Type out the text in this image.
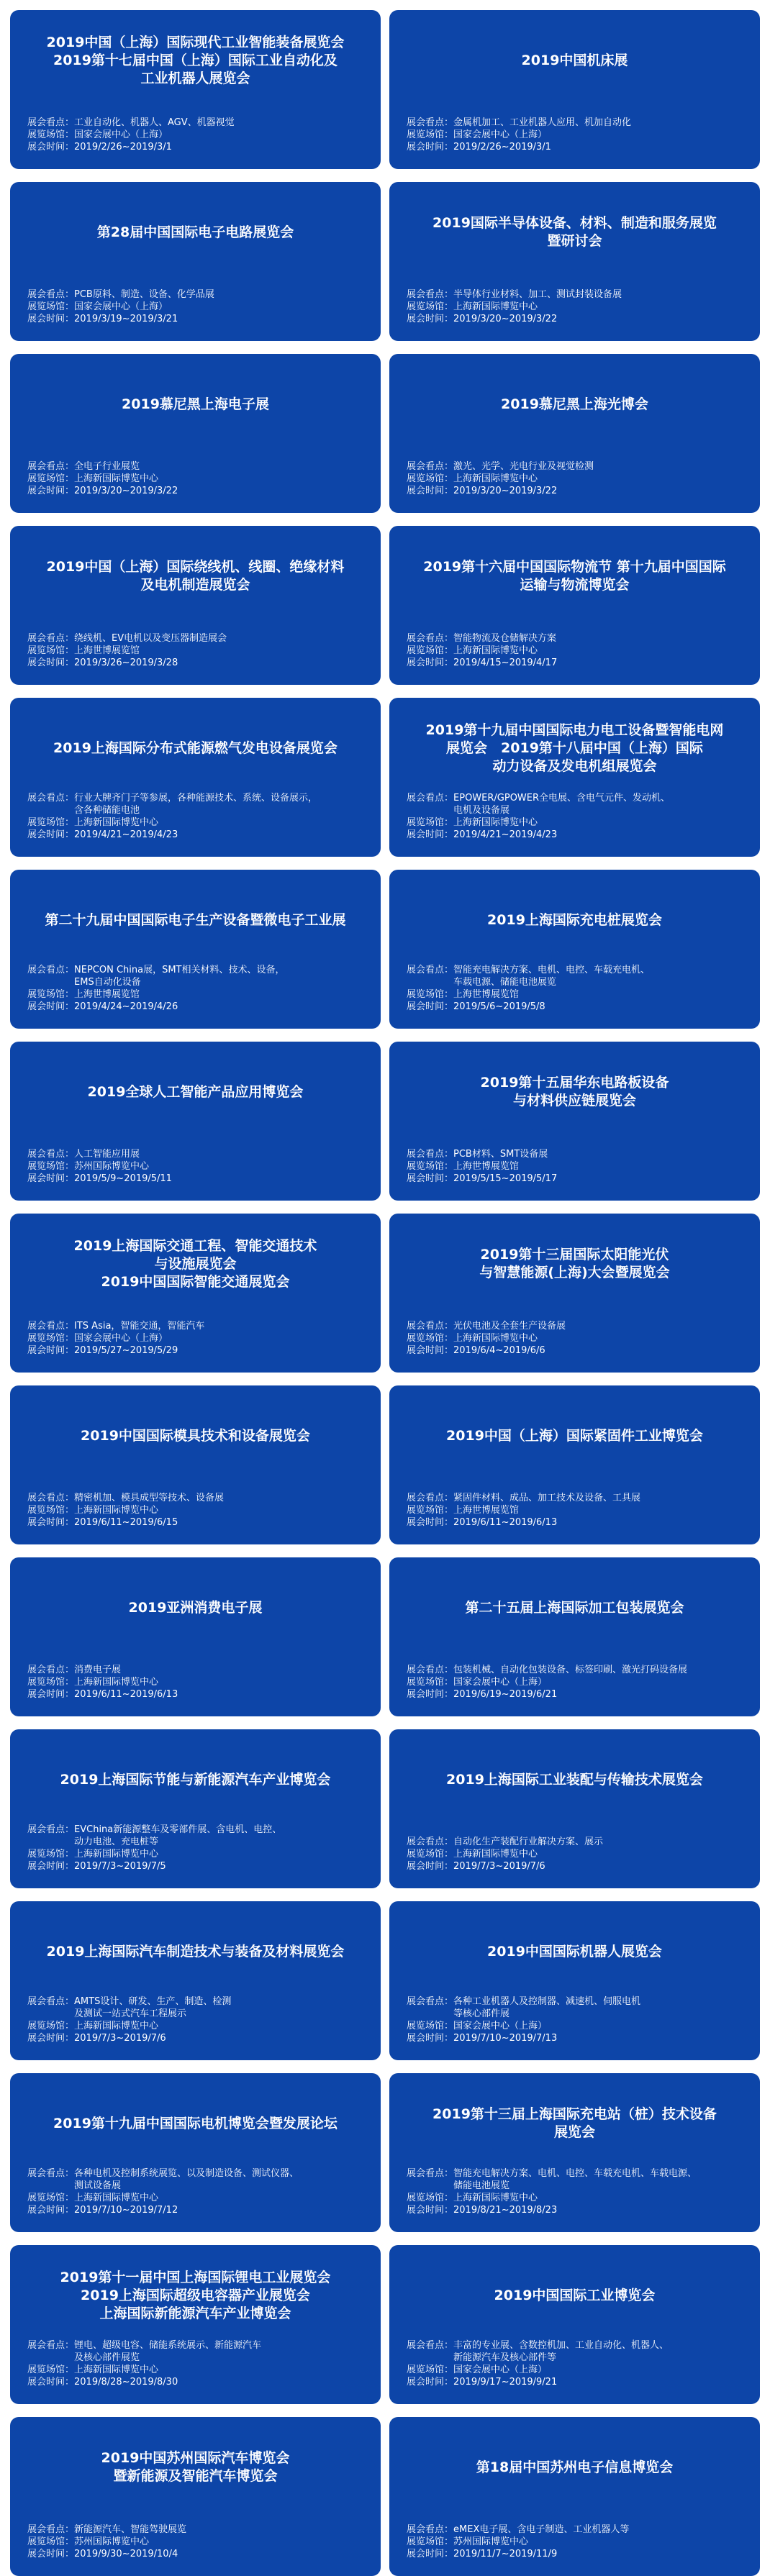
2019中国（上海）国际现代工业智能装备展览会
2019第十七届中国（上海）国际工业自动化及
工业机器人展览会
展会看点： 工业自动化、机器人、AGV、机器视觉
展览场馆： 国家会展中心（上海）
展会时间： 2019/2/26~2019/3/1
2019中国机床展
展会看点： 金属机加工、工业机器人应用、机加自动化
展览场馆： 国家会展中心（上海）
展会时间： 2019/2/26~2019/3/1
第28届中国国际电子电路展览会
展会看点： PCB原料、制造、设备、化学品展
展览场馆： 国家会展中心（上海）
展会时间： 2019/3/19~2019/3/21
2019国际半导体设备、材料、制造和服务展览
暨研讨会
展会看点： 半导体行业材料、加工、测试封装设备展
展览场馆： 上海新国际博览中心
展会时间： 2019/3/20~2019/3/22
2019慕尼黑上海电子展
展会看点： 全电子行业展览
展览场馆： 上海新国际博览中心
展会时间： 2019/3/20~2019/3/22
2019慕尼黑上海光博会
展会看点： 激光、光学、光电行业及视觉检测
展览场馆： 上海新国际博览中心
展会时间： 2019/3/20~2019/3/22
2019中国（上海）国际绕线机、线圈、绝缘材料
及电机制造展览会
展会看点： 绕线机、EV电机以及变压器制造展会
展览场馆： 上海世博展览馆
展会时间： 2019/3/26~2019/3/28
2019第十六届中国国际物流节 第十九届中国国际
运输与物流博览会
展会看点： 智能物流及仓储解决方案
展览场馆： 上海新国际博览中心
展会时间： 2019/4/15~2019/4/17
2019上海国际分布式能源燃气发电设备展览会
展会看点： 行业大牌齐门子等参展，各种能源技术、系统、设备展示，
含各种储能电池
展览场馆： 上海新国际博览中心
展会时间： 2019/4/21~2019/4/23
2019第十九届中国国际电力电工设备暨智能电网
展览会　2019第十八届中国（上海）国际
动力设备及发电机组展览会
展会看点： EPOWER/GPOWER全电展、含电气元件、发动机、
电机及设备展
展览场馆： 上海新国际博览中心
展会时间： 2019/4/21~2019/4/23
第二十九届中国国际电子生产设备暨微电子工业展
展会看点： NEPCON China展，SMT相关材料、技术、设备，
EMS自动化设备
展览场馆： 上海世博展览馆
展会时间： 2019/4/24~2019/4/26
2019上海国际充电桩展览会
展会看点： 智能充电解决方案、电机、电控、车载充电机、
车载电源、储能电池展览
展览场馆： 上海世博展览馆
展会时间： 2019/5/6~2019/5/8
2019全球人工智能产品应用博览会
展会看点： 人工智能应用展
展览场馆： 苏州国际博览中心
展会时间： 2019/5/9~2019/5/11
2019第十五届华东电路板设备
与材料供应链展览会
展会看点： PCB材料、SMT设备展
展览场馆： 上海世博展览馆
展会时间： 2019/5/15~2019/5/17
2019上海国际交通工程、智能交通技术
与设施展览会
2019中国国际智能交通展览会
展会看点： ITS Asia，智能交通，智能汽车
展览场馆： 国家会展中心（上海）
展会时间： 2019/5/27~2019/5/29
2019第十三届国际太阳能光伏
与智慧能源(上海)大会暨展览会
展会看点： 光伏电池及全套生产设备展
展览场馆： 上海新国际博览中心
展会时间： 2019/6/4~2019/6/6
2019中国国际模具技术和设备展览会
展会看点： 精密机加、模具成型等技术、设备展
展览场馆： 上海新国际博览中心
展会时间： 2019/6/11~2019/6/15
2019中国（上海）国际紧固件工业博览会
展会看点： 紧固件材料、成品、加工技术及设备、工具展
展览场馆： 上海世博展览馆
展会时间： 2019/6/11~2019/6/13
2019亚洲消费电子展
展会看点： 消费电子展
展览场馆： 上海新国际博览中心
展会时间： 2019/6/11~2019/6/13
第二十五届上海国际加工包装展览会
展会看点： 包装机械、自动化包装设备、标签印刷、激光打码设备展
展览场馆： 国家会展中心（上海）
展会时间： 2019/6/19~2019/6/21
2019上海国际节能与新能源汽车产业博览会
展会看点： EVChina新能源整车及零部件展、含电机、电控、
动力电池、充电桩等
展览场馆： 上海新国际博览中心
展会时间： 2019/7/3~2019/7/5
2019上海国际工业装配与传输技术展览会
展会看点： 自动化生产装配行业解决方案、展示
展览场馆： 上海新国际博览中心
展会时间： 2019/7/3~2019/7/6
2019上海国际汽车制造技术与装备及材料展览会
展会看点： AMTS设计、研发、生产、制造、检测
及测试一站式汽车工程展示
展览场馆： 上海新国际博览中心
展会时间： 2019/7/3~2019/7/6
2019中国国际机器人展览会
展会看点： 各种工业机器人及控制器、减速机、伺服电机
等核心部件展
展览场馆： 国家会展中心（上海）
展会时间： 2019/7/10~2019/7/13
2019第十九届中国国际电机博览会暨发展论坛
展会看点： 各种电机及控制系统展览、以及制造设备、测试仪器、
测试设备展
展览场馆： 上海新国际博览中心
展会时间： 2019/7/10~2019/7/12
2019第十三届上海国际充电站（桩）技术设备
展览会
展会看点： 智能充电解决方案、电机、电控、车载充电机、车载电源、
储能电池展览
展览场馆： 上海新国际博览中心
展会时间： 2019/8/21~2019/8/23
2019第十一届中国上海国际锂电工业展览会
2019上海国际超级电容器产业展览会
上海国际新能源汽车产业博览会
展会看点： 锂电、超级电容、储能系统展示、新能源汽车
及核心部件展览
展览场馆： 上海新国际博览中心
展会时间： 2019/8/28~2019/8/30
2019中国国际工业博览会
展会看点： 丰富的专业展、含数控机加、工业自动化、机器人、
新能源汽车及核心部件等
展览场馆： 国家会展中心（上海）
展会时间： 2019/9/17~2019/9/21
2019中国苏州国际汽车博览会
暨新能源及智能汽车博览会
展会看点： 新能源汽车、智能驾驶展览
展览场馆： 苏州国际博览中心
展会时间： 2019/9/30~2019/10/4
第18届中国苏州电子信息博览会
展会看点： eMEX电子展、含电子制造、工业机器人等
展览场馆： 苏州国际博览中心
展会时间： 2019/11/7~2019/11/9
